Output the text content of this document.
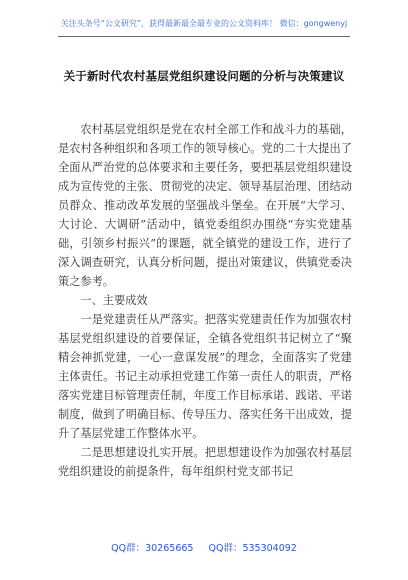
关注头条号“公文研究”，获得最新最全最专业的公文资料库！ 微信：gongwenyj
关于新时代农村基层党组织建设问题的分析与决策建议

农村基层党组织是党在农村全部工作和战斗力的基础，是农村各种组织和各项工作的领导核心。党的二十大提出了全面从严治党的总体要求和主要任务，要把基层党组织建设成为宣传党的主张、贯彻党的决定、领导基层治理、团结动员群众、推动改革发展的坚强战斗堡垒。在开展“大学习、大讨论、大调研”活动中，镇党委组织办围绕“夯实党建基础，引领乡村振兴”的课题，就全镇党的建设工作，进行了深入调查研究，认真分析问题，提出对策建议，供镇党委决策之参考。

一、主要成效

一是党建责任从严落实。把落实党建责任作为加强农村基层党组织建设的首要保证，全镇各党组织书记树立了“聚精会神抓党建，一心一意谋发展”的理念，全面落实了党建主体责任。书记主动承担党建工作第一责任人的职责，严格落实党建目标管理责任制，年度工作目标承诺、践诺、平诺制度，做到了明确目标、传导压力、落实任务干出成效，提升了基层党建工作整体水平。

二是思想建设扎实开展。把思想建设作为加强农村基层党组织建设的前提条件，每年组织村党支部书记

QQ群：30265665 QQ群：535304092
